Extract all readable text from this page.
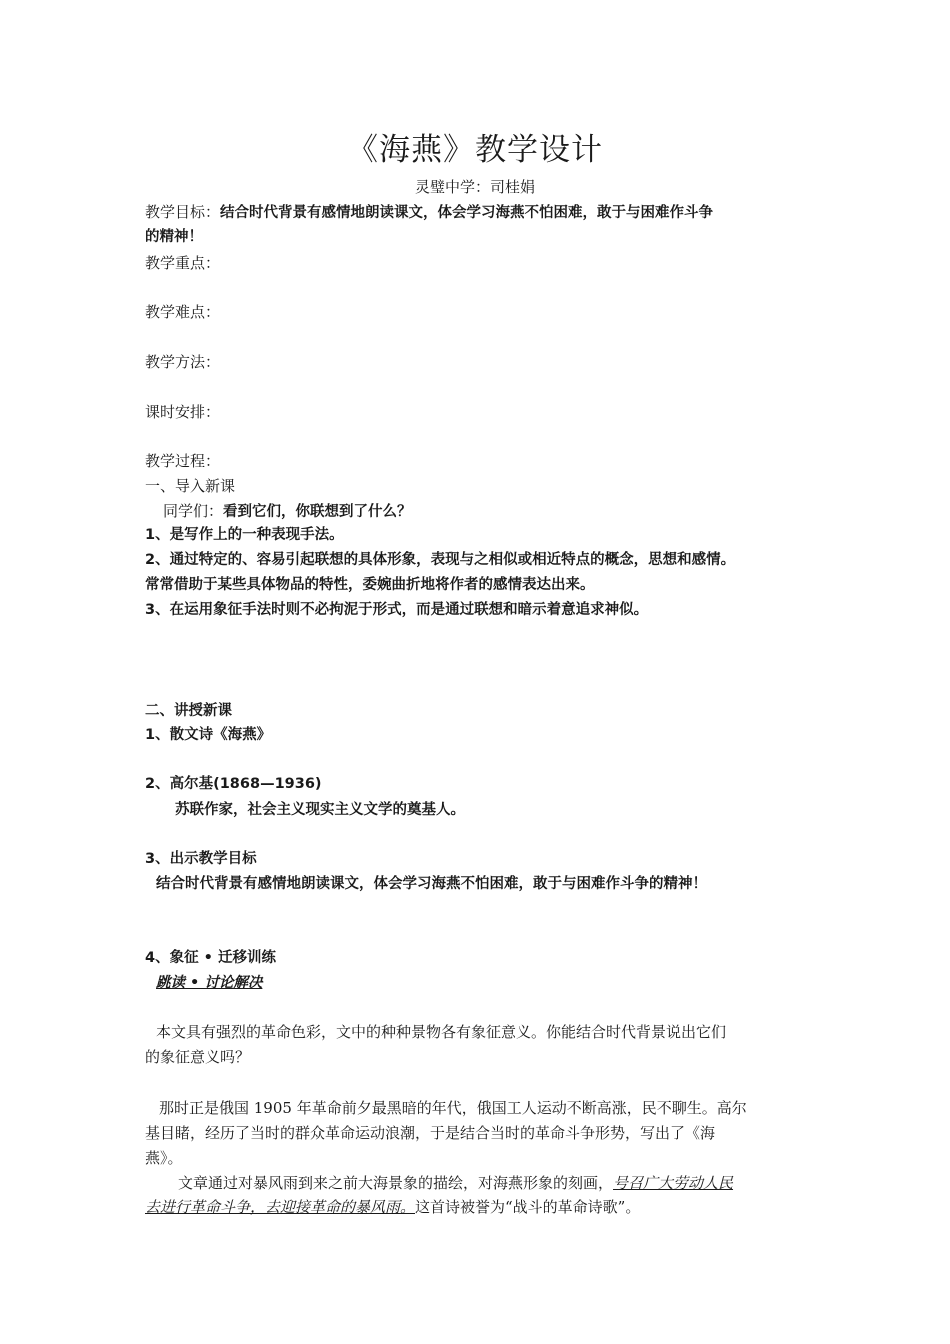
《海燕》教学设计
灵璧中学：司桂娟
教学目标：结合时代背景有感情地朗读课文，体会学习海燕不怕困难，敢于与困难作斗争
的精神！
教学重点：
教学难点：
教学方法：
课时安排：
教学过程：
一、导入新课
同学们：看到它们，你联想到了什么？
1、是写作上的一种表现手法。
2、通过特定的、容易引起联想的具体形象，表现与之相似或相近特点的概念，思想和感情。
常常借助于某些具体物品的特性，委婉曲折地将作者的感情表达出来。
3、在运用象征手法时则不必拘泥于形式，而是通过联想和暗示着意追求神似。
二、讲授新课
1、散文诗《海燕》
2、高尔基(1868—1936)
苏联作家，社会主义现实主义文学的奠基人。
3、出示教学目标
结合时代背景有感情地朗读课文，体会学习海燕不怕困难，敢于与困难作斗争的精神！
4、象征 • 迁移训练
跳读 • 讨论解决
本文具有强烈的革命色彩，文中的种种景物各有象征意义。你能结合时代背景说出它们
的象征意义吗？
那时正是俄国 1905 年革命前夕最黑暗的年代，俄国工人运动不断高涨，民不聊生。高尔
基目睹，经历了当时的群众革命运动浪潮，于是结合当时的革命斗争形势，写出了《海
燕》。
文章通过对暴风雨到来之前大海景象的描绘，对海燕形象的刻画，号召广大劳动人民
去进行革命斗争，去迎接革命的暴风雨。这首诗被誉为“战斗的革命诗歌”。
